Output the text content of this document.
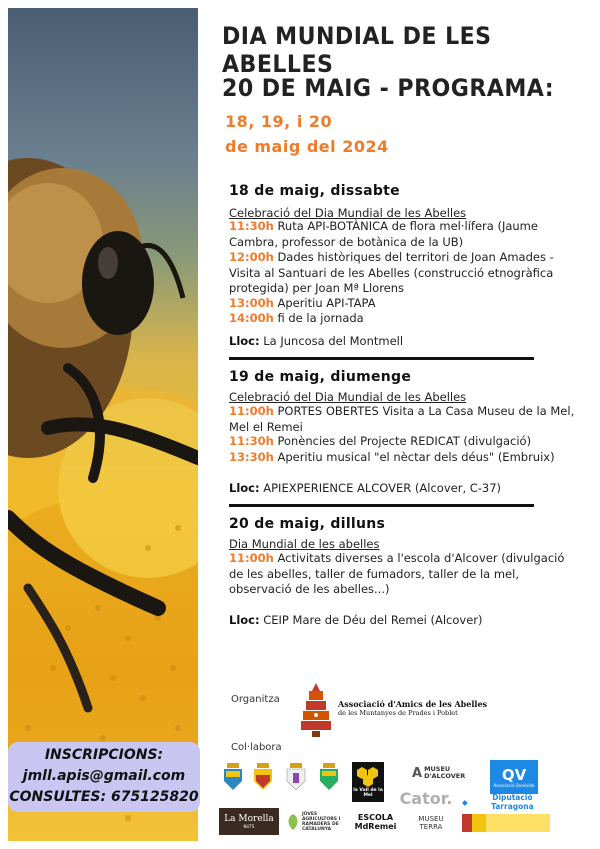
INSCRIPCIONS:
jmll.apis@gmail.com
CONSULTES: 675125820
DIA MUNDIAL DE LES ABELLES
20 DE MAIG - PROGRAMA:
18, 19, i 20
de maig del 2024
18 de maig, dissabte
Celebració del Dia Mundial de les Abelles
11:30h Ruta API-BOTÀNICA de flora mel·lífera (Jaume Cambra, professor de botànica de la UB)
12:00h Dades històriques del territori de Joan Amades - Visita al Santuari de les Abelles (construcció etnogràfica protegida) per Joan Mª Llorens
13:00h Aperitiu API-TAPA
14:00h fi de la jornada
Lloc: La Juncosa del Montmell
19 de maig, diumenge
Celebració del Dia Mundial de les Abelles
11:00h PORTES OBERTES Visita a La Casa Museu de la Mel, Mel el Remei
11:30h Ponències del Projecte REDICAT (divulgació)
13:30h Aperitiu musical "el nèctar dels déus" (Embruix)
Lloc: APIEXPERIENCE ALCOVER (Alcover, C-37)
20 de maig, dilluns
Dia Mundial de les abelles
11:00h Activitats diverses a l'escola d'Alcover (divulgació de les abelles, taller de fumadors, taller de la mel, observació de les abelles...)
Lloc: CEIP Mare de Déu del Remei (Alcover)
Organitza	Associació d'Amics de les Abelles
de les Muntanyes de Prades i Poblet
Col·labora
la Vall de la Mel
A MUSEU D'ALCOVER QV
Associació Qualivida
Cator.	◆	Diputació Tarragona
La Morella
NUTS
JOVES AGRICULTORS I RAMADERS DE CATALUNYA
ESCOLA MdRemei
MUSEU TERRA
